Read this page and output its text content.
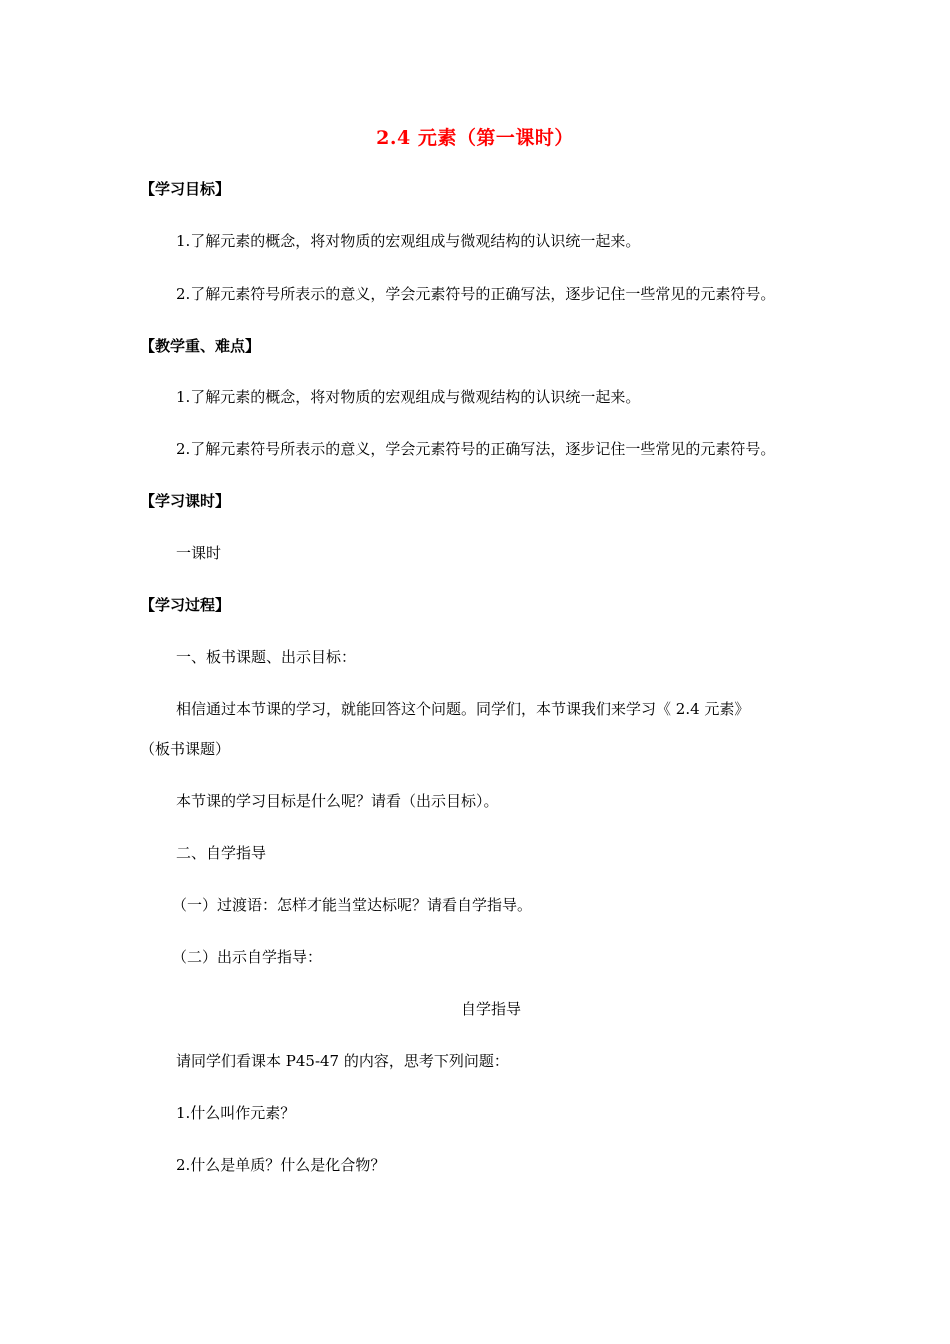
2.4 元素（第一课时）
【学习目标】
1.了解元素的概念，将对物质的宏观组成与微观结构的认识统一起来。
2.了解元素符号所表示的意义，学会元素符号的正确写法，逐步记住一些常见的元素符号。
【教学重、难点】
1.了解元素的概念，将对物质的宏观组成与微观结构的认识统一起来。
2.了解元素符号所表示的意义，学会元素符号的正确写法，逐步记住一些常见的元素符号。
【学习课时】
一课时
【学习过程】
一、板书课题、出示目标：
相信通过本节课的学习，就能回答这个问题。同学们，本节课我们来学习《 2.4 元素》
（板书课题）
本节课的学习目标是什么呢？请看（出示目标）。
二、自学指导
（一）过渡语：怎样才能当堂达标呢？请看自学指导。
（二）出示自学指导：
自学指导
请同学们看课本 P45-47 的内容，思考下列问题：
1.什么叫作元素？
2.什么是单质？什么是化合物？
